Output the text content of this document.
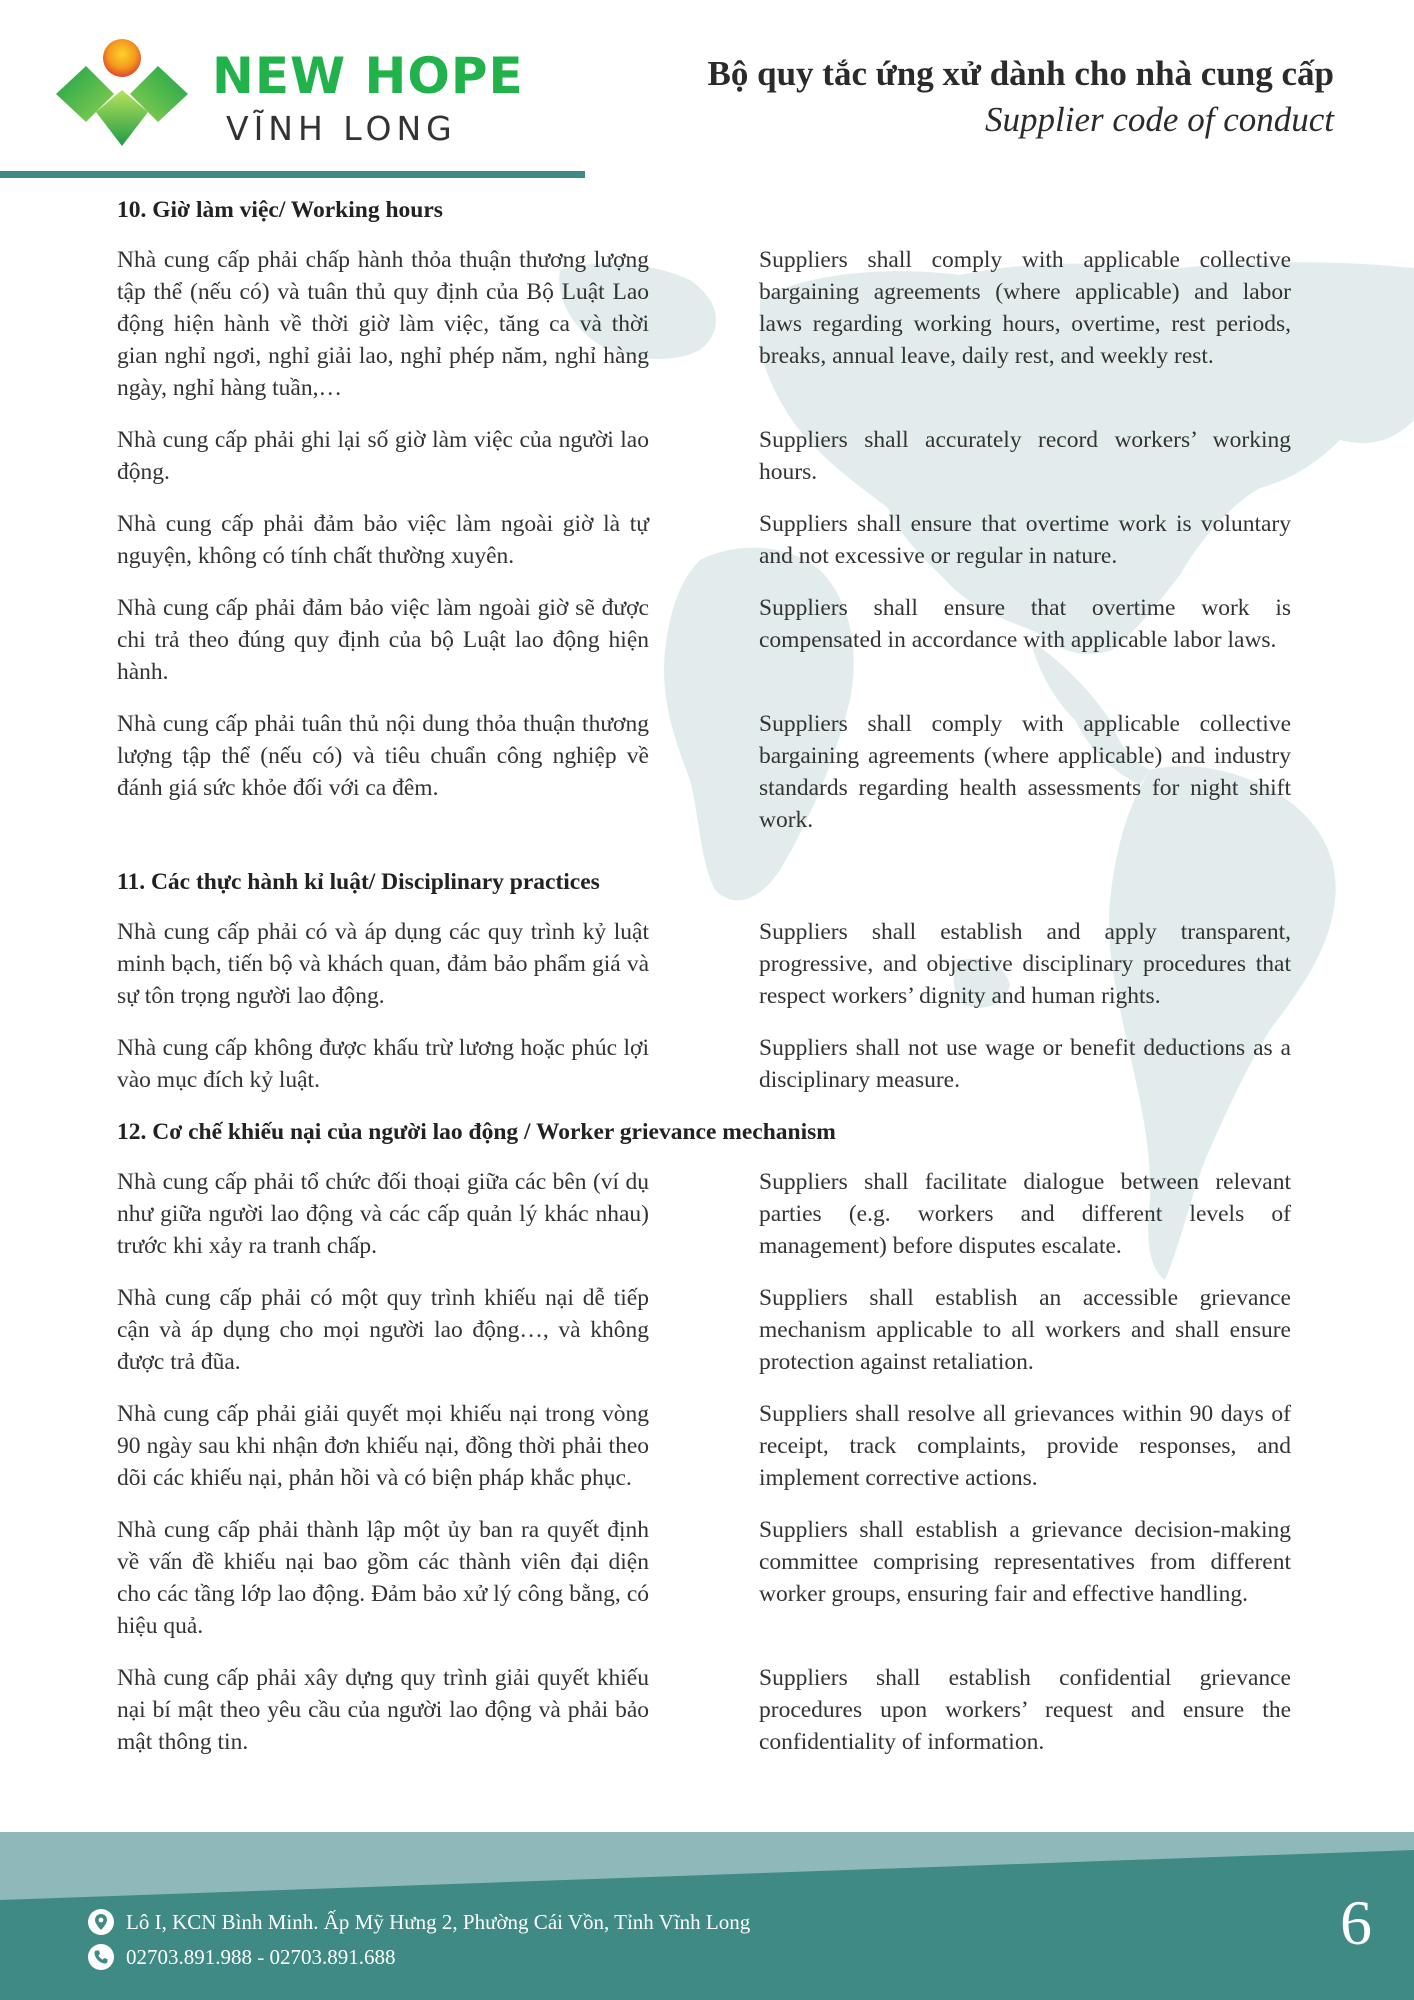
NEW HOPE
VĨNH LONG
Bộ quy tắc ứng xử dành cho nhà cung cấp
Supplier code of conduct
10. Giờ làm việc/ Working hours
Nhà cung cấp phải chấp hành thỏa thuận thương lượng tập thể (nếu có) và tuân thủ quy định của Bộ Luật Lao động hiện hành về thời giờ làm việc, tăng ca và thời gian nghỉ ngơi, nghỉ giải lao, nghỉ phép năm, nghỉ hàng ngày, nghỉ hàng tuần,…
Suppliers shall comply with applicable collective bargaining agreements (where applicable) and labor laws regarding working hours, overtime, rest periods, breaks, annual leave, daily rest, and weekly rest.
Nhà cung cấp phải ghi lại số giờ làm việc của người lao động.
Suppliers shall accurately record workers’ working hours.
Nhà cung cấp phải đảm bảo việc làm ngoài giờ là tự nguyện, không có tính chất thường xuyên.
Suppliers shall ensure that overtime work is voluntary and not excessive or regular in nature.
Nhà cung cấp phải đảm bảo việc làm ngoài giờ sẽ được chi trả theo đúng quy định của bộ Luật lao động hiện hành.
Suppliers shall ensure that overtime work is compensated in accordance with applicable labor laws.
Nhà cung cấp phải tuân thủ nội dung thỏa thuận thương lượng tập thể (nếu có) và tiêu chuẩn công nghiệp về đánh giá sức khỏe đối với ca đêm.
Suppliers shall comply with applicable collective bargaining agreements (where applicable) and industry standards regarding health assessments for night shift work.
11. Các thực hành kỉ luật/ Disciplinary practices
Nhà cung cấp phải có và áp dụng các quy trình kỷ luật minh bạch, tiến bộ và khách quan, đảm bảo phẩm giá và sự tôn trọng người lao động.
Suppliers shall establish and apply transparent, progressive, and objective disciplinary procedures that respect workers’ dignity and human rights.
Nhà cung cấp không được khấu trừ lương hoặc phúc lợi vào mục đích kỷ luật.
Suppliers shall not use wage or benefit deductions as a disciplinary measure.
12. Cơ chế khiếu nại của người lao động / Worker grievance mechanism
Nhà cung cấp phải tổ chức đối thoại giữa các bên (ví dụ như giữa người lao động và các cấp quản lý khác nhau) trước khi xảy ra tranh chấp.
Suppliers shall facilitate dialogue between relevant parties (e.g. workers and different levels of management) before disputes escalate.
Nhà cung cấp phải có một quy trình khiếu nại dễ tiếp cận và áp dụng cho mọi người lao động…, và không được trả đũa.
Suppliers shall establish an accessible grievance mechanism applicable to all workers and shall ensure protection against retaliation.
Nhà cung cấp phải giải quyết mọi khiếu nại trong vòng 90 ngày sau khi nhận đơn khiếu nại, đồng thời phải theo dõi các khiếu nại, phản hồi và có biện pháp khắc phục.
Suppliers shall resolve all grievances within 90 days of receipt, track complaints, provide responses, and implement corrective actions.
Nhà cung cấp phải thành lập một ủy ban ra quyết định về vấn đề khiếu nại bao gồm các thành viên đại diện cho các tầng lớp lao động. Đảm bảo xử lý công bằng, có hiệu quả.
Suppliers shall establish a grievance decision-making committee comprising representatives from different worker groups, ensuring fair and effective handling.
Nhà cung cấp phải xây dựng quy trình giải quyết khiếu nại bí mật theo yêu cầu của người lao động và phải bảo mật thông tin.
Suppliers shall establish confidential grievance procedures upon workers’ request and ensure the confidentiality of information.
Lô I, KCN Bình Minh. Ấp Mỹ Hưng 2, Phường Cái Vồn, Tỉnh Vĩnh Long
02703.891.988 - 02703.891.688	6
